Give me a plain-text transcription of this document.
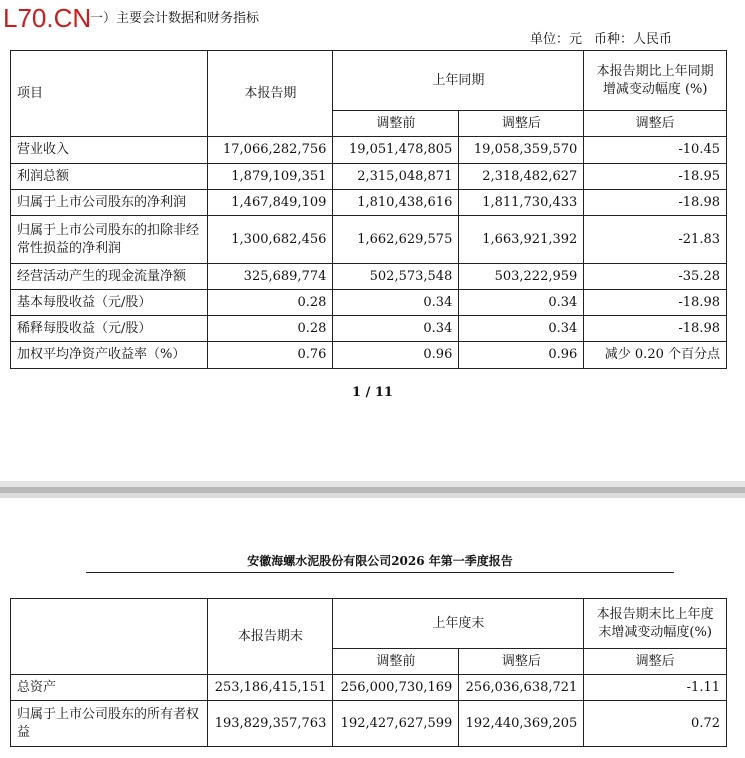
L70.CN
一）主要会计数据和财务指标
单位：元 币种：人民币
项目	本报告期	上年同期		本报告期比上年同期增减变动幅度 (%)
		调整前	调整后	调整后
营业收入	17,066,282,756	19,051,478,805	19,058,359,570	-10.45
利润总额	1,879,109,351	2,315,048,871	2,318,482,627	-18.95
归属于上市公司股东的净利润	1,467,849,109	1,810,438,616	1,811,730,433	-18.98
归属于上市公司股东的扣除非经常性损益的净利润	1,300,682,456	1,662,629,575	1,663,921,392	-21.83
经营活动产生的现金流量净额	325,689,774	502,573,548	503,222,959	-35.28
基本每股收益（元/股）	0.28	0.34	0.34	-18.98
稀释每股收益（元/股）	0.28	0.34	0.34	-18.98
加权平均净资产收益率（%）	0.76	0.96	0.96	减少 0.20 个百分点
1 / 11
安徽海螺水泥股份有限公司2026 年第一季度报告
	本报告期末	上年度末		本报告期末比上年度末增减变动幅度(%)
		调整前	调整后	调整后
总资产	253,186,415,151	256,000,730,169	256,036,638,721	-1.11
归属于上市公司股东的所有者权益	193,829,357,763	192,427,627,599	192,440,369,205	0.72
